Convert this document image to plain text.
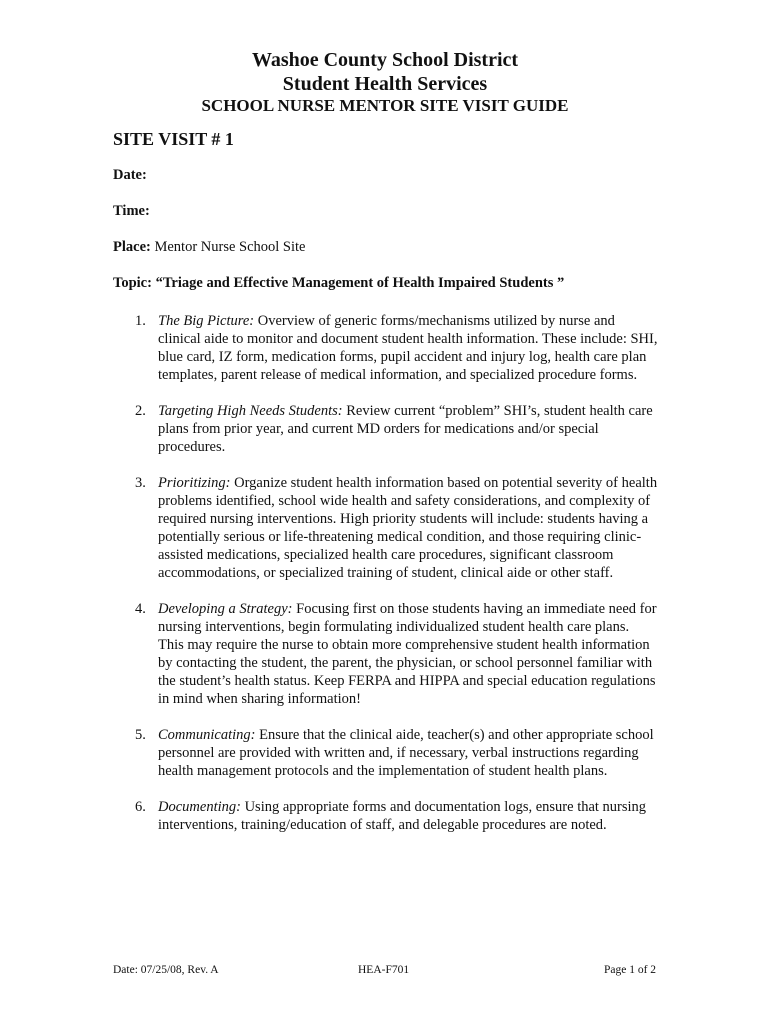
Washoe County School District
Student Health Services
SCHOOL NURSE MENTOR SITE VISIT GUIDE
SITE VISIT # 1
Date:
Time:
Place: Mentor Nurse School Site
Topic: “Triage and Effective Management of Health Impaired Students ”
1. The Big Picture: Overview of generic forms/mechanisms utilized by nurse and clinical aide to monitor and document student health information. These include: SHI, blue card, IZ form, medication forms, pupil accident and injury log, health care plan templates, parent release of medical information, and specialized procedure forms.
2. Targeting High Needs Students: Review current “problem” SHI’s, student health care plans from prior year, and current MD orders for medications and/or special procedures.
3. Prioritizing: Organize student health information based on potential severity of health problems identified, school wide health and safety considerations, and complexity of required nursing interventions. High priority students will include: students having a potentially serious or life-threatening medical condition, and those requiring clinic-assisted medications, specialized health care procedures, significant classroom accommodations, or specialized training of student, clinical aide or other staff.
4. Developing a Strategy: Focusing first on those students having an immediate need for nursing interventions, begin formulating individualized student health care plans. This may require the nurse to obtain more comprehensive student health information by contacting the student, the parent, the physician, or school personnel familiar with the student’s health status. Keep FERPA and HIPPA and special education regulations in mind when sharing information!
5. Communicating: Ensure that the clinical aide, teacher(s) and other appropriate school personnel are provided with written and, if necessary, verbal instructions regarding health management protocols and the implementation of student health plans.
6. Documenting: Using appropriate forms and documentation logs, ensure that nursing interventions, training/education of staff, and delegable procedures are noted.
Date: 07/25/08, Rev. A	HEA-F701	Page 1 of 2
